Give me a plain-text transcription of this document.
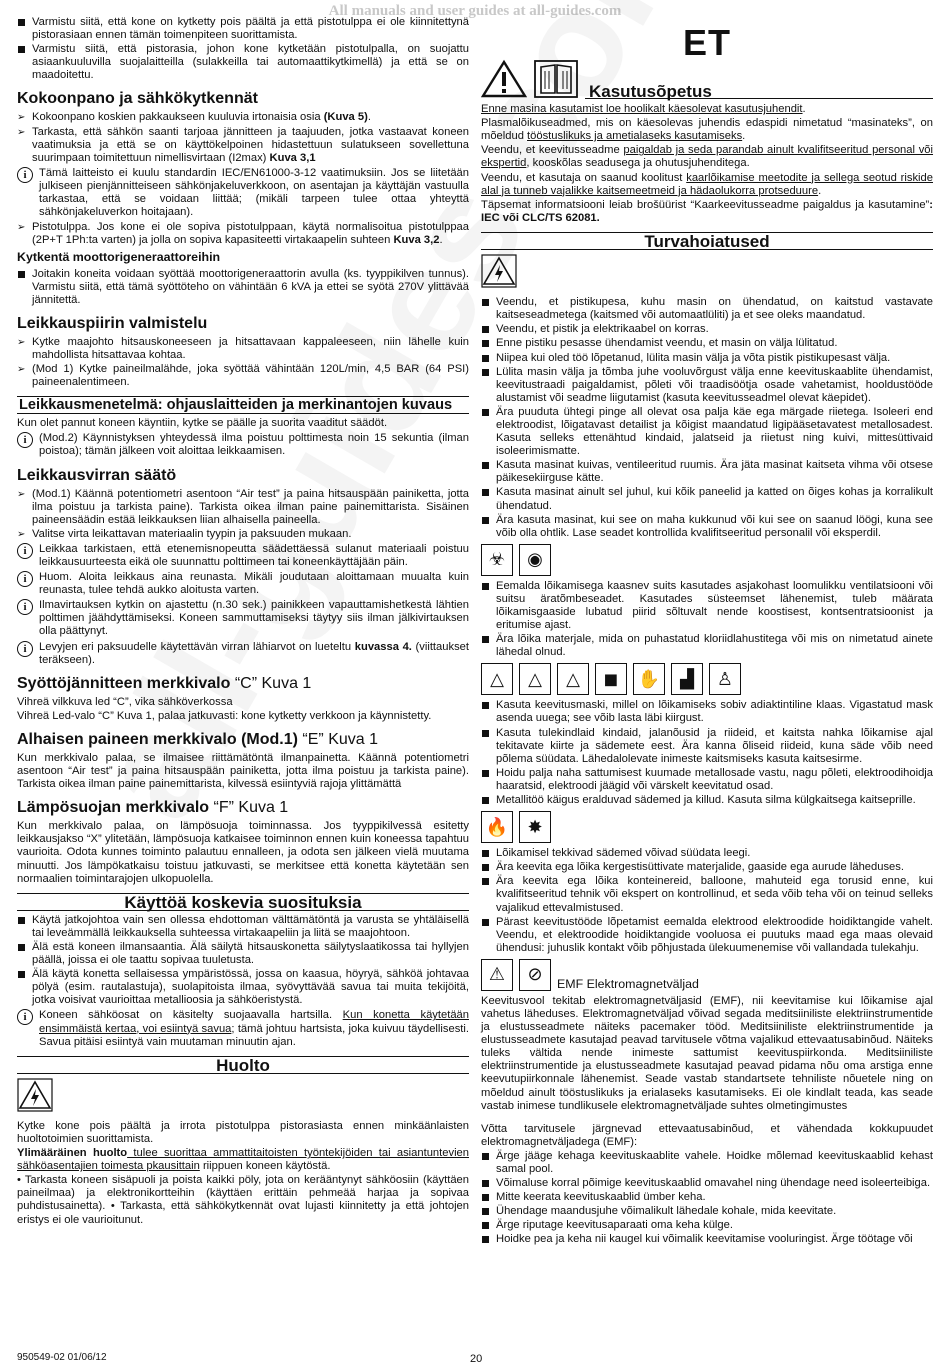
All manuals and user guides at all-guides.com
Varmistu siitä, että kone on kytketty pois päältä ja että pistotulppa ei ole kiinnitettynä pistorasiaan ennen tämän toimenpiteen suorittamista.
Varmistu siitä, että pistorasia, johon kone kytketään pistotulpalla, on suojattu asiaankuuluvilla suojalaitteilla (sulakkeilla tai automaattikytkimellä) ja että se on maadoitettu.
Kokoonpano ja sähkökytkennät
➢ Kokoonpano koskien pakkaukseen kuuluvia irtonaisia osia (Kuva 5).
➢ Tarkasta, että sähkön saanti tarjoaa jännitteen ja taajuuden, jotka vastaavat koneen vaatimuksia ja että se on käyttökelpoinen hidastettuun sulatukseen sovellettuna suurimpaan toimitettuun nimellisvirtaan (I2max) Kuva 3,1
i	Tämä laitteisto ei kuulu standardin IEC/EN61000-3-12 vaatimuksiin. Jos se liitetään julkiseen pienjännitteiseen sähkönjakeluverkkoon, on asentajan ja käyttäjän vastuulla tarkastaa, että se voidaan liittää; (mikäli tarpeen tulee ottaa yhteyttä sähkönjakeluverkon hoitajaan).
➢ Pistotulppa. Jos kone ei ole sopiva pistotulppaan, käytä normalisoitua pistotulppaa (2P+T 1Ph:ta varten) ja jolla on sopiva kapasiteetti virtakaapelin suhteen Kuva 3,2.
Kytkentä moottorigeneraattoreihin
Joitakin koneita voidaan syöttää moottorigeneraattorin avulla (ks. tyyppikilven tunnus). Varmistu siitä, että tämä syöttöteho on vähintään 6 kVA ja ettei se syötä 270V ylittävää jännitettä.
Leikkauspiirin valmistelu
➢ Kytke maajohto hitsauskoneeseen ja hitsattavaan kappaleeseen, niin lähelle kuin mahdollista hitsattavaa kohtaa.
➢ (Mod 1) Kytke paineilmalähde, joka syöttää vähintään 120L/min, 4,5 BAR (64 PSI) paineenalentimeen.
Leikkausmenetelmä: ohjauslaitteiden ja merkinantojen kuvaus

Kun olet pannut koneen käyntiin, kytke se päälle ja suorita vaaditut säädöt.

i	(Mod.2) Käynnistyksen yhteydessä ilma poistuu polttimesta noin 15 sekuntia (ilman poistoa); tämän jälkeen voit aloittaa leikkaamisen.
Leikkausvirran säätö
➢ (Mod.1) Käännä potentiometri asentoon “Air test” ja paina hitsauspään painiketta, jotta ilma poistuu ja tarkista paine). Tarkista oikea ilman paine painemittarista. Sisäinen paineensäädin estää leikkauksen liian alhaisella paineella.
➢ Valitse virta leikattavan materiaalin tyypin ja paksuuden mukaan.
i	Leikkaa tarkistaen, että etenemisnopeutta säädettäessä sulanut materiaali poistuu leikkausuurteesta eikä ole suunnattu polttimeen tai koneenkäyttäjään päin.
i	Huom. Aloita leikkaus aina reunasta. Mikäli joudutaan aloittamaan muualta kuin reunasta, tulee tehdä aukko aloitusta varten.
i	Ilmavirtauksen kytkin on ajastettu (n.30 sek.) painikkeen vapauttamishetkestä lähtien polttimen jäähdyttämiseksi. Koneen sammuttamiseksi täytyy siis ilman jälkivirtauksen olla päättynyt.
i	Levyjen eri paksuudelle käytettävän virran lähiarvot on lueteltu kuvassa 4. (viittaukset teräkseen).
Syöttöjännitteen merkkivalo “C” Kuva 1

Vihreä vilkkuva led “C”, vika sähköverkossa

Vihreä Led-valo “C” Kuva 1, palaa jatkuvasti: kone kytketty verkkoon ja käynnistetty.

Alhaisen paineen merkkivalo (Mod.1) “E” Kuva 1

Kun merkkivalo palaa, se ilmaisee riittämätöntä ilmanpainetta. Käännä potentiometri asentoon “Air test” ja paina hitsauspään painiketta, jotta ilma poistuu ja tarkista paine). Tarkista oikea ilman paine painemittarista, kilvessä esiintyviä rajoja ylittämättä

Lämpösuojan merkkivalo “F” Kuva 1

Kun merkkivalo palaa, on lämpösuoja toiminnassa. Jos tyyppikilvessä esitetty leikkausjakso “X” ylitetään, lämpösuoja katkaisee toiminnon ennen kuin koneessa tapahtuu vaurioita. Odota kunnes toiminto palautuu ennalleen, ja odota sen jälkeen vielä muutama minuutti. Jos lämpökatkaisu toistuu jatkuvasti, se merkitsee että konetta käytetään sen normaalien toimintarajojen ulkopuolella.

Käyttöä koskevia suosituksia
Käytä jatkojohtoa vain sen ollessa ehdottoman välttämätöntä ja varusta se yhtäläisellä tai leveämmällä leikkauksella suhteessa virtakaapeliin ja liitä se maajohtoon.
Älä estä koneen ilmansaantia. Älä säilytä hitsauskonetta säilytyslaatikossa tai hyllyjen päällä, joissa ei ole taattu sopivaa tuuletusta.
Älä käytä konetta sellaisessa ympäristössä, jossa on kaasua, höyryä, sähköä johtavaa pölyä (esim. rautalastuja), suolapitoista ilmaa, syövyttävää savua tai muita tekijöitä, jotka voisivat vaurioittaa metallioosia ja sähköeristystä.
i	Koneen sähköosat on käsitelty suojaavalla hartsilla. Kun konetta käytetään ensimmäistä kertaa, voi esiintyä savua; tämä johtuu hartsista, joka kuivuu täydellisesti. Savua pitäisi esiintyä vain muutaman minuutin ajan.
Huolto

Kytke kone pois päältä ja irrota pistotulppa pistorasiasta ennen minkäänlaisten huoltotoimien suorittamista.

Ylimääräinen huolto tulee suorittaa ammattitaitoisten työntekijöiden tai asiantuntevien sähköasentajien toimesta pkausittain riippuen koneen käytöstä.

• Tarkasta koneen sisäpuoli ja poista kaikki pöly, jota on kerääntynyt sähköosiin (käyttäen paineilmaa) ja elektronikortteihin (käyttäen erittäin pehmeää harjaa ja sopivaa puhdistusainetta). • Tarkasta, että sähkökytkennät ovat lujasti kiinnitetty ja että johtojen eristys ei ole vaurioitunut.

ET
Kasutusõpetus

Enne masina kasutamist loe hoolikalt käesolevat kasutusjuhendit.

Plasmalõikuseadmed, mis on käesolevas juhendis edaspidi nimetatud “masinateks”, on mõeldud tööstuslikuks ja ametialaseks kasutamiseks.

Veendu, et keevitusseadme paigaldab ja seda parandab ainult kvalifitseeritud personal või ekspertid, kooskõlas seadusega ja ohutusjuhenditega.

Veendu, et kasutaja on saanud koolitust kaarlõikamise meetodite ja sellega seotud riskide alal ja tunneb vajalikke kaitsemeetmeid ja hädaolukorra protseduure.

Täpsemat informatsiooni leiab brošüürist “Kaarkeevitusseadme paigaldus ja kasutamine”: IEC või CLC/TS 62081.

Turvahoiatused
Veendu, et pistikupesa, kuhu masin on ühendatud, on kaitstud vastavate kaitseseadmetega (kaitsmed või automaatlüliti) ja et see oleks maandatud.
Veendu, et pistik ja elektrikaabel on korras.
Enne pistiku pesasse ühendamist veendu, et masin on välja lülitatud.
Niipea kui oled töö lõpetanud, lülita masin välja ja võta pistik pistikupesast välja.
Lülita masin välja ja tõmba juhe vooluvõrgust välja enne keevituskaablite ühendamist, keevitustraadi paigaldamist, põleti või traadisöötja osade vahetamist, hooldustööde alustamist või seadme liigutamist (kasuta keevitusseadmel olevat käepidet).
Ära puuduta ühtegi pinge all olevat osa palja käe ega märgade riietega. Isoleeri end elektroodist, lõigatavast detailist ja kõigist maandatud ligipääsetavatest metallosadest. Kasuta selleks ettenähtud kindaid, jalatseid ja riietust ning kuivi, mittesüttivaid isoleerimismatte.
Kasuta masinat kuivas, ventileeritud ruumis. Ära jäta masinat kaitseta vihma või otsese päikesekiirguse kätte.
Kasuta masinat ainult sel juhul, kui kõik paneelid ja katted on õiges kohas ja korralikult ühendatud.
Ära kasuta masinat, kui see on maha kukkunud või kui see on saanud löögi, kuna see võib olla ohtlik. Lase seadet kontrollida kvalifitseeritud personalil või eksperdil.
☣	◉
Eemalda lõikamisega kaasnev suits kasutades asjakohast loomulikku ventilatsiooni või suitsu äratõmbeseadet. Kasutades süsteemset lähenemist, tuleb määrata lõikamisgaaside lubatud piirid sõltuvalt nende koostisest, kontsentratsioonist ja eritumise ajast.
Ära lõika materjale, mida on puhastatud kloriidlahustitega või mis on nimetatud ainete lähedal olnud.
△	△	△	◼	✋	▟	♙
Kasuta keevitusmaski, millel on lõikamiseks sobiv adiaktintiline klaas. Vigastatud mask asenda uuega; see võib lasta läbi kiirgust.
Kasuta tulekindlaid kindaid, jalanõusid ja riideid, et kaitsta nahka lõikamise ajal tekitavate kiirte ja sädemete eest. Ära kanna õliseid riideid, kuna säde võib need põlema süüdata. Lähedalolevate inimeste kaitsmiseks kasuta kaitsesirme.
Hoidu palja naha sattumisest kuumade metallosade vastu, nagu põleti, elektroodihoidja haaratsid, elektroodi jäägid või värskelt keevitatud osad.
Metallitöö käigus eralduvad sädemed ja killud. Kasuta silma külgkaitsega kaitseprille.
🔥	✸
Lõikamisel tekkivad sädemed võivad süüdata leegi.
Ära keevita ega lõika kergestisüttivate materjalide, gaaside ega aurude läheduses.
Ära keevita ega lõika konteinereid, balloone, mahuteid ega torusid enne, kui kvalifitseeritud tehnik või ekspert on kontrollinud, et seda võib teha või on teinud selleks vajalikud ettevalmistused.
Pärast keevitustööde lõpetamist eemalda elektrood elektroodide hoidiktangide vahelt. Veendu, et elektroodide hoidiktangide vooluosa ei puutuks maad ega maas olevaid ühendusi: juhuslik kontakt võib põhjustada ülekuumenemise või vallandada tulekahju.
⚠	⊘	EMF Elektromagnetväljad

Keevitusvool tekitab elektromagnetväljasid (EMF), nii keevitamise kui lõikamise ajal vahetus läheduses. Elektromagnetväljad võivad segada meditsiiniliste elektriinstrumentide ja elustusseadmete näiteks pacemaker tööd. Meditsiiniliste elektriinstrumentide ja elustusseadmete kasutajad peavad tarvitusele võtma vajalikud ettevaatusabinõud. Näiteks tuleks vältida nende inimeste sattumist keevituspiirkonda. Meditsiiniliste elektriinstrumentide ja elustusseadmete kasutajad peavad pidama nõu oma arstiga enne keevutupiirkonnale lähenemist. Seade vastab standartsete tehniliste nõuetele ning on mõeldud ainult tööstuslikuks ja erialaseks kasutamiseks. Ei ole kindlalt teada, kas seade vastab inimese tundlikusele elektromagnetväljade suhtes olmetingimustes

Võtta tarvitusele järgnevad ettevaatusabinõud, et vähendada kokkupuudet elektromagnetväljadega (EMF):

Ärge jääge kehaga keevituskaablite vahele. Hoidke mõlemad keevituskaablid kehast samal pool.
Võimaluse korral põimige keevituskaablid omavahel ning ühendage need isoleerteibiga.
Mitte keerata keevituskaablid ümber keha.
Ühendage maandusjuhe võimalikult lähedale kohale, mida keevitate.
Ärge riputage keevitusaparaati oma keha külge.
Hoidke pea ja keha nii kaugel kui võimalik keevitamise vooluringist. Ärge töötage või
950549-02 01/06/12	20
